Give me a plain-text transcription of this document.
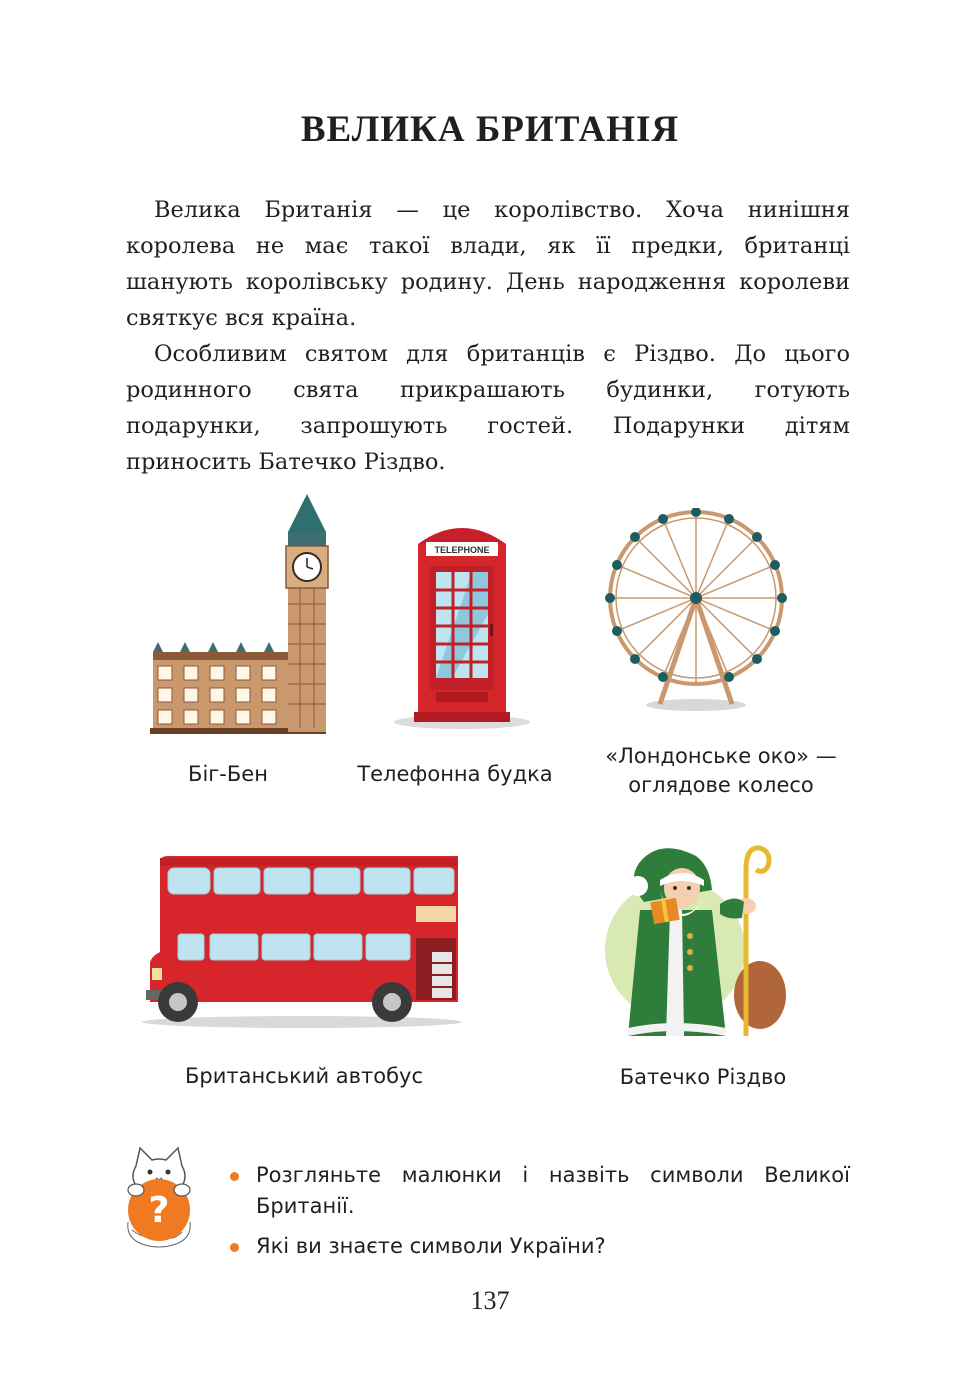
ВЕЛИКА БРИТАНІЯ

Велика Британія — це королівство. Хоча нинішня королева не має такої влади, як її предки, британці шанують королівську родину. День народження королеви святкує вся країна.

Особливим святом для британців є Різдво. До цього родинного свята прикрашають будинки, готують подарунки, запрошують гостей. Подарунки дітям приносить Батечко Різдво.

TELEPHONE
Біг-Бен	Телефонна будка
«Лондонське око» —
оглядове колесо
Британський автобус	Батечко Різдво
?
Розгляньте малюнки і назвіть символи Великої Британії.
Які ви знаєте символи України?
137
